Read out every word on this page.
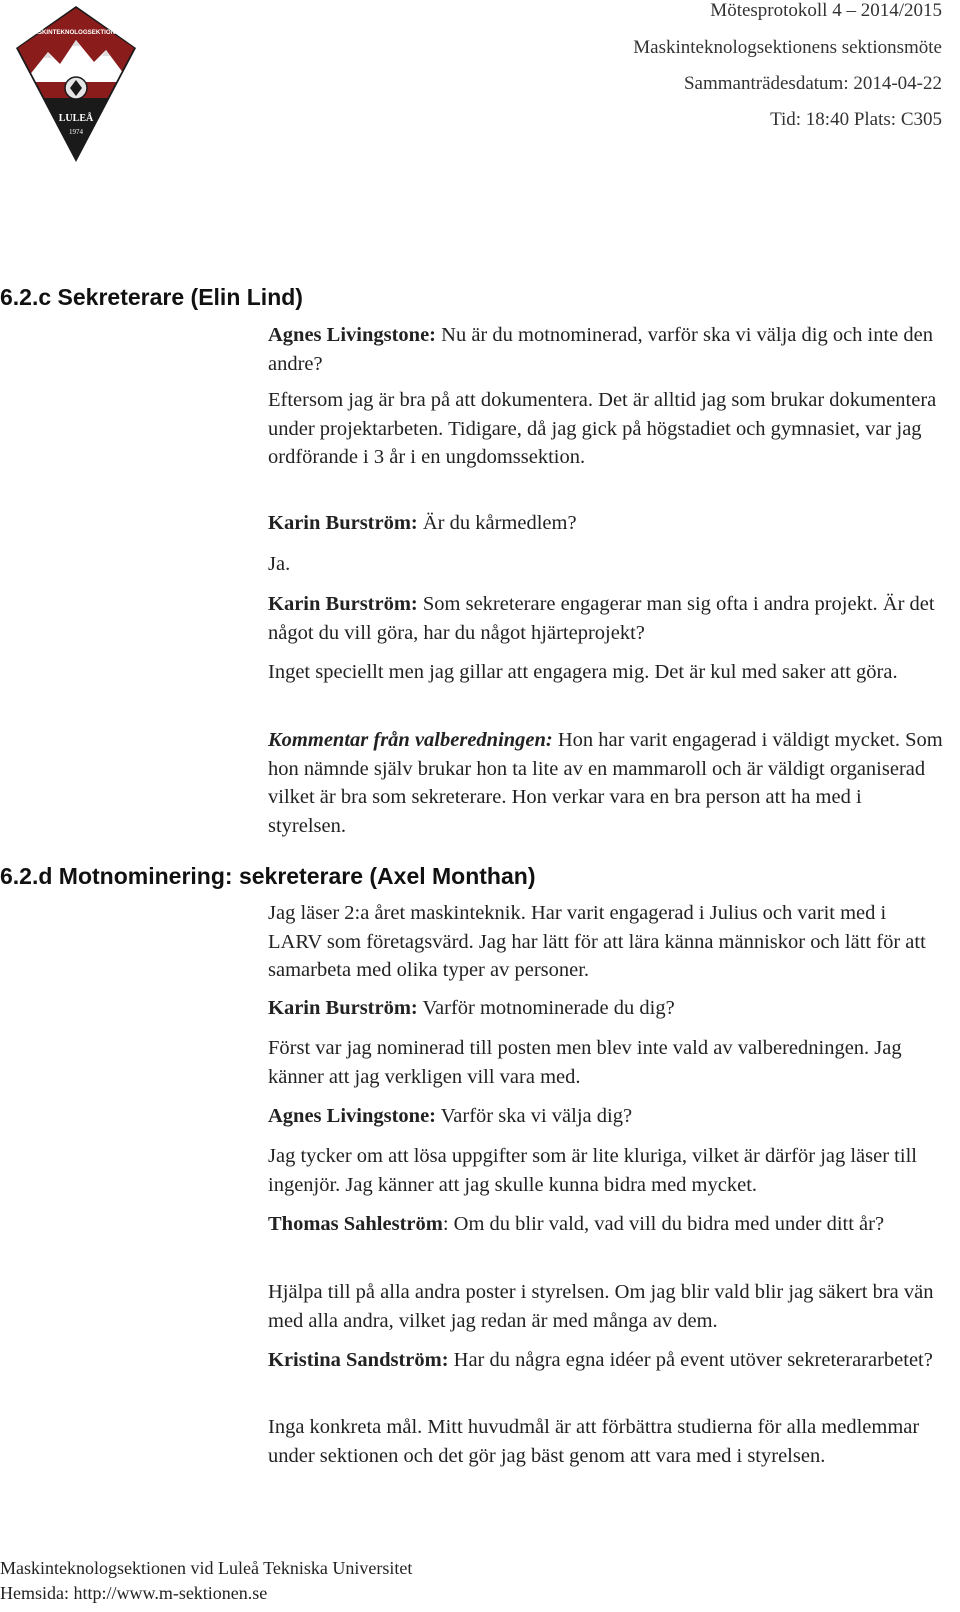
MASKINTEKNOLOGSEKTIONEN
LULEÅ
1974
Mötesprotokoll 4 – 2014/2015
Maskinteknologsektionens sektionsmöte
Sammanträdesdatum: 2014-04-22
Tid: 18:40 Plats: C305
6.2.c Sekreterare (Elin Lind)

Agnes Livingstone: Nu är du motnominerad, varför ska vi välja dig och inte den andre?

Eftersom jag är bra på att dokumentera. Det är alltid jag som brukar dokumentera under projektarbeten. Tidigare, då jag gick på högstadiet och gymnasiet, var jag ordförande i 3 år i en ungdomssektion.

Karin Burström: Är du kårmedlem?

Ja.

Karin Burström: Som sekreterare engagerar man sig ofta i andra projekt. Är det något du vill göra, har du något hjärteprojekt?

Inget speciellt men jag gillar att engagera mig. Det är kul med saker att göra.

Kommentar från valberedningen: Hon har varit engagerad i väldigt mycket. Som hon nämnde själv brukar hon ta lite av en mammaroll och är väldigt organiserad vilket är bra som sekreterare. Hon verkar vara en bra person att ha med i styrelsen.

6.2.d Motnominering: sekreterare (Axel Monthan)

Jag läser 2:a året maskinteknik. Har varit engagerad i Julius och varit med i LARV som företagsvärd. Jag har lätt för att lära känna människor och lätt för att samarbeta med olika typer av personer.

Karin Burström: Varför motnominerade du dig?

Först var jag nominerad till posten men blev inte vald av valberedningen. Jag känner att jag verkligen vill vara med.

Agnes Livingstone: Varför ska vi välja dig?

Jag tycker om att lösa uppgifter som är lite kluriga, vilket är därför jag läser till ingenjör. Jag känner att jag skulle kunna bidra med mycket.

Thomas Sahleström: Om du blir vald, vad vill du bidra med under ditt år?

Hjälpa till på alla andra poster i styrelsen. Om jag blir vald blir jag säkert bra vän med alla andra, vilket jag redan är med många av dem.

Kristina Sandström: Har du några egna idéer på event utöver sekreterararbetet?

Inga konkreta mål. Mitt huvudmål är att förbättra studierna för alla medlemmar under sektionen och det gör jag bäst genom att vara med i styrelsen.

Maskinteknologsektionen vid Luleå Tekniska Universitet
Hemsida: http://www.m-sektionen.se
